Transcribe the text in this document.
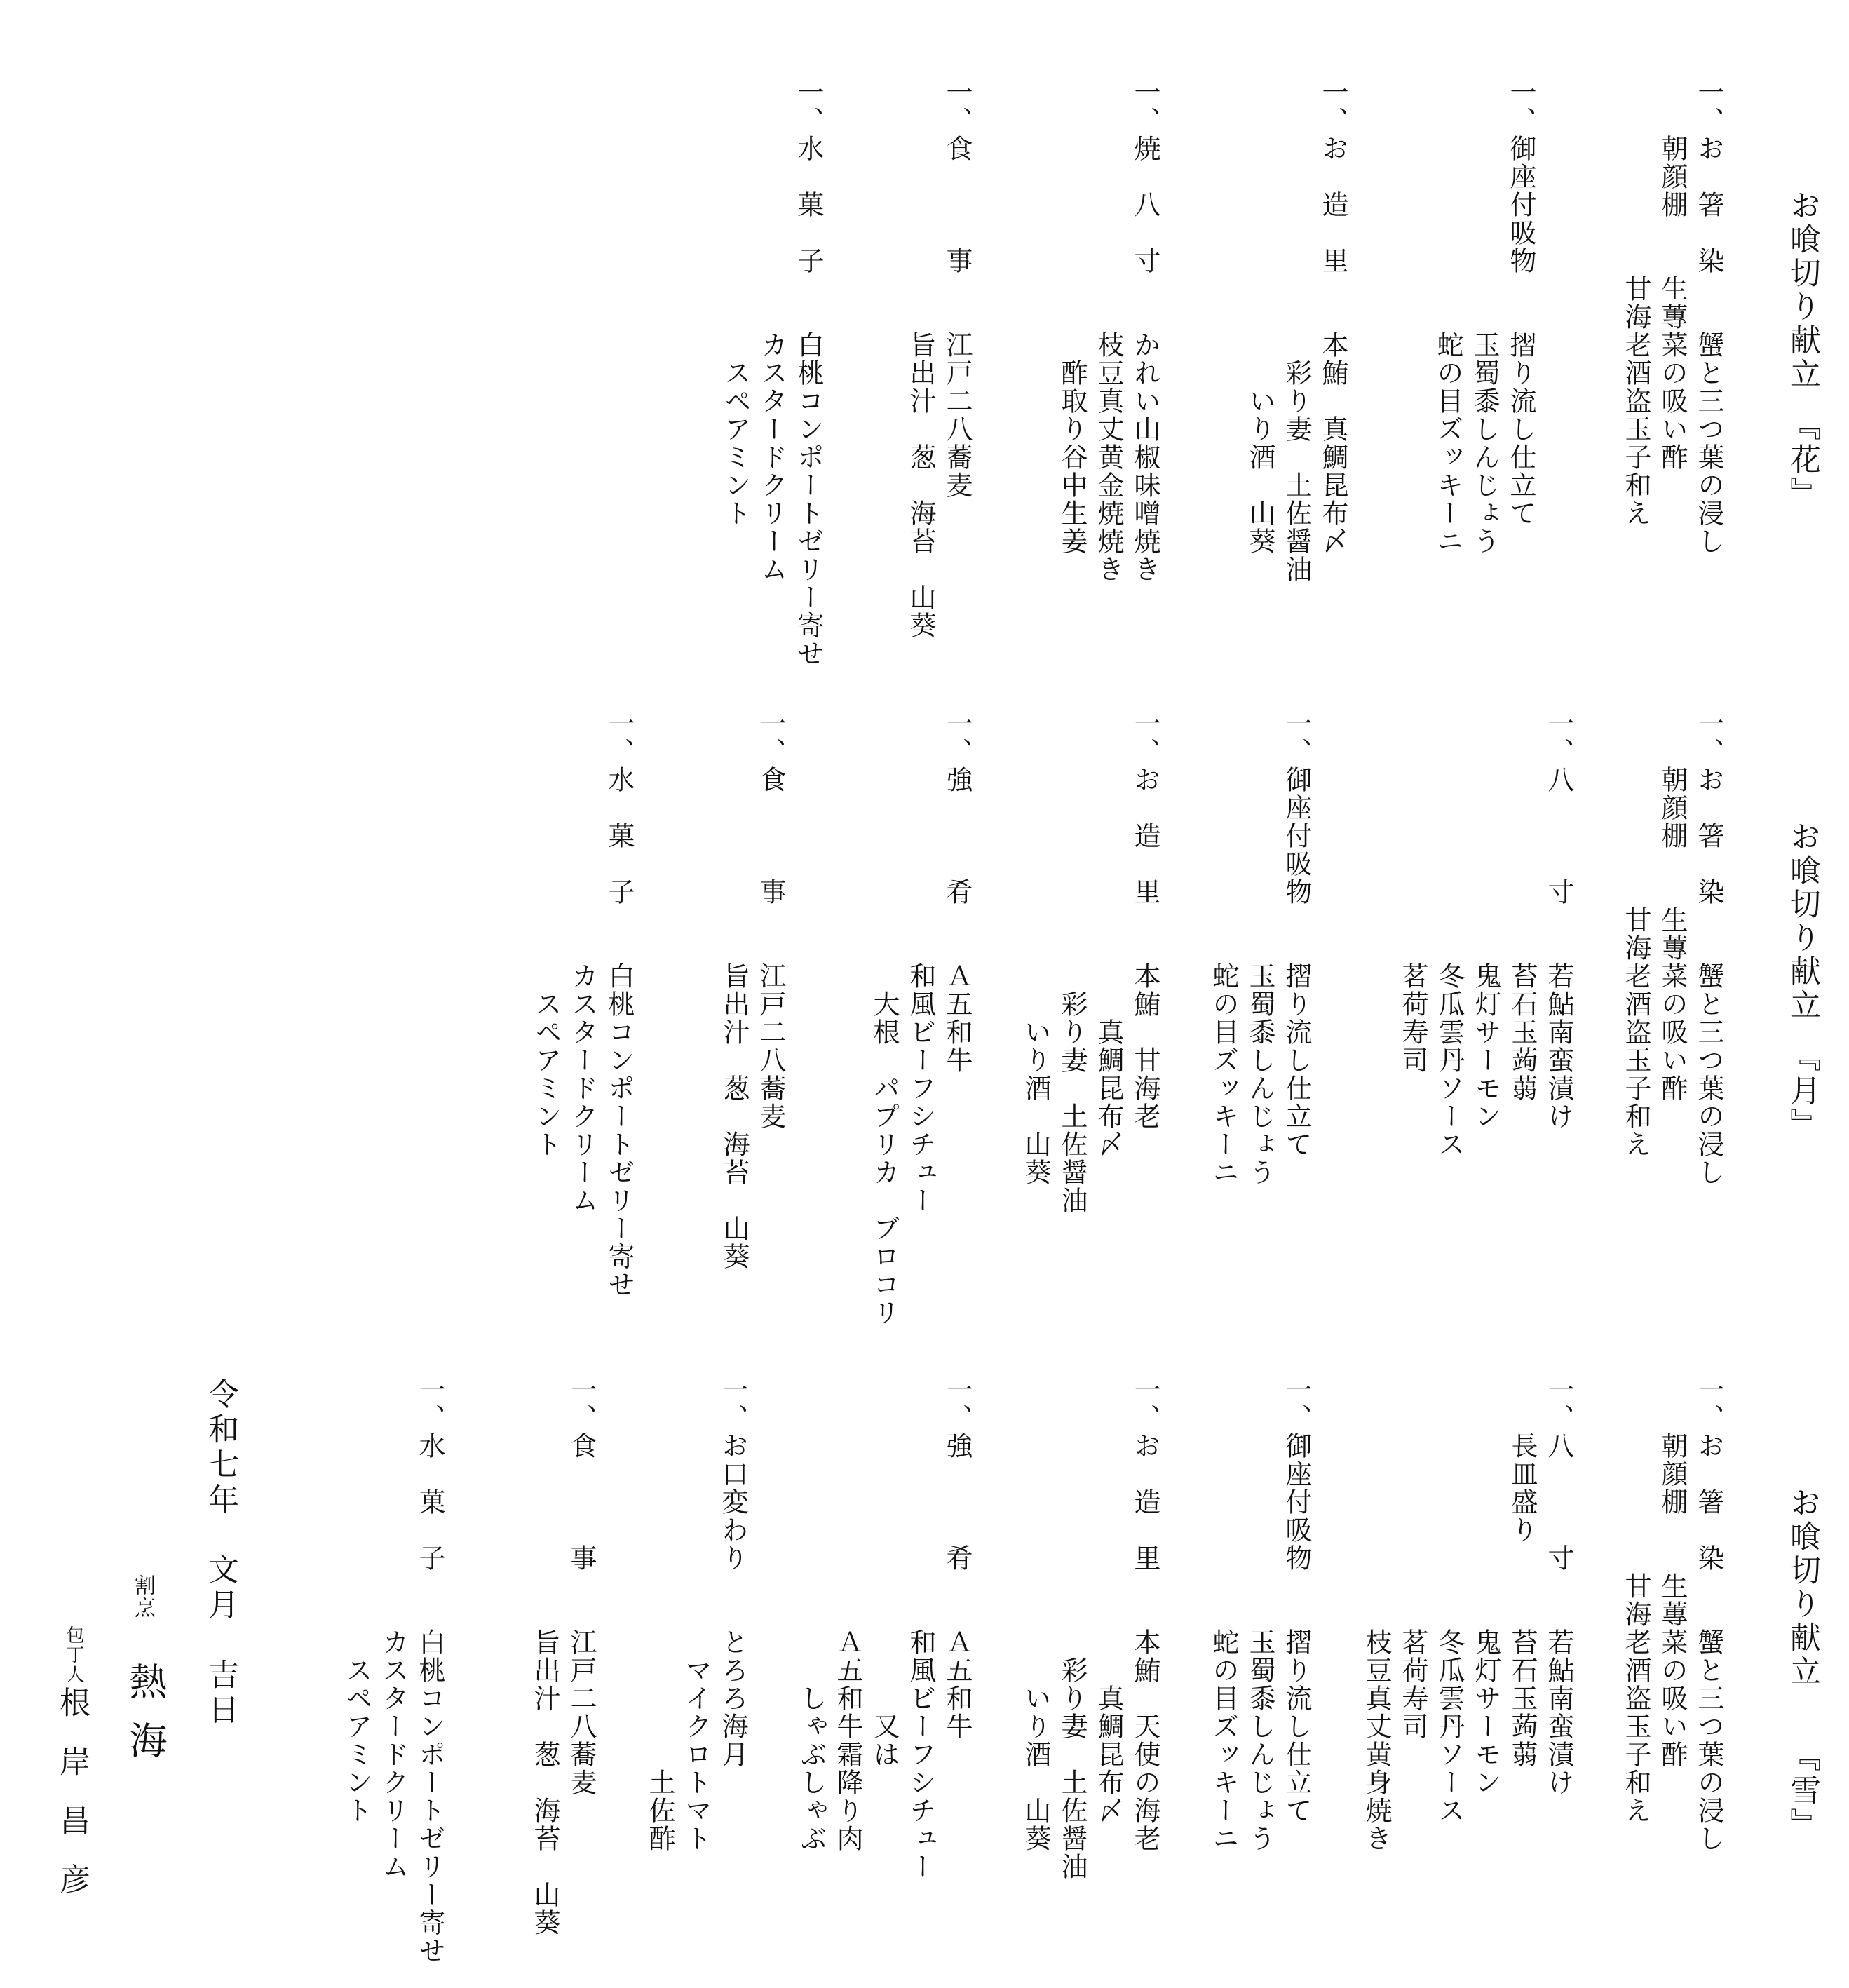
お喰切り献立　『花』
一、お　箸　染　　蟹と三つ葉の浸し
　　朝顔棚　　生蓴菜の吸い酢
　　　　　　　甘海老酒盗玉子和え
一、御座付吸物　　摺り流し仕立て
　　　　　　　　　玉蜀黍しんじょう
　　　　　　　　　蛇の目ズッキーニ
一、お　造　里　　本鮪　真鯛昆布〆
　　　　　　　　　　彩り妻　土佐醤油
　　　　　　　　　　　いり酒　山葵
一、焼　八　寸　　かれい山椒味噌焼き
　　　　　　　　　枝豆真丈黄金焼焼き
　　　　　　　　　　酢取り谷中生姜
一、食　　　事　　江戸二八蕎麦
　　　　　　　　　旨出汁　葱　海苔　山葵
一、水　菓　子　　白桃コンポートゼリー寄せ
　　　　　　　　　カスタードクリーム
　　　　　　　　　　スペアミント
お喰切り献立　『月』
一、お　箸　染　　蟹と三つ葉の浸し
　　朝顔棚　　生蓴菜の吸い酢
　　　　　　　甘海老酒盗玉子和え
一、八　　　寸　　若鮎南蛮漬け
　　　　　　　　　苔石玉蒟蒻
　　　　　　　　　鬼灯サーモン
　　　　　　　　　冬瓜雲丹ソース
　　　　　　　　　茗荷寿司
一、御座付吸物　　摺り流し仕立て
　　　　　　　　　玉蜀黍しんじょう
　　　　　　　　　蛇の目ズッキーニ
一、お　造　里　　本鮪　甘海老
　　　　　　　　　　　真鯛昆布〆
　　　　　　　　　　彩り妻　土佐醤油
　　　　　　　　　　　いり酒　山葵
一、強　　　肴　　Ａ五和牛
　　　　　　　　　和風ビーフシチュー
　　　　　　　　　　大根　パプリカ　ブロコリ
一、食　　　事　　江戸二八蕎麦
　　　　　　　　　旨出汁　葱　海苔　山葵
一、水　菓　子　　白桃コンポートゼリー寄せ
　　　　　　　　　カスタードクリーム
　　　　　　　　　　スペアミント
お喰切り献立　　『雪』
一、お　箸　染　　蟹と三つ葉の浸し
　　朝顔棚　　生蓴菜の吸い酢
　　　　　　　甘海老酒盗玉子和え
一、八　　　寸　　若鮎南蛮漬け
　　長皿盛り　　　苔石玉蒟蒻
　　　　　　　　　鬼灯サーモン
　　　　　　　　　冬瓜雲丹ソース
　　　　　　　　　茗荷寿司
　　　　　　　　　枝豆真丈黄身焼き
一、御座付吸物　　摺り流し仕立て
　　　　　　　　　玉蜀黍しんじょう
　　　　　　　　　蛇の目ズッキーニ
一、お　造　里　　本鮪　天使の海老
　　　　　　　　　　　真鯛昆布〆
　　　　　　　　　　彩り妻　土佐醤油
　　　　　　　　　　　いり酒　山葵
一、強　　　肴　　Ａ五和牛
　　　　　　　　　和風ビーフシチュー
　　　　　　　　　　　　又は
　　　　　　　　　Ａ五和牛霜降り肉
　　　　　　　　　　　しゃぶしゃぶ
一、お口変わり　　とろろ海月
　　　　　　　　　　マイクロトマト
　　　　　　　　　　　　　　土佐酢
一、食　　　事　　江戸二八蕎麦
　　　　　　　　　旨出汁　葱　海苔　山葵
一、水　菓　子　　白桃コンポートゼリー寄せ
　　　　　　　　　カスタードクリーム
　　　　　　　　　　スペアミント
令和七年　文月　吉日
割烹
熱海
包丁人
根岸昌彦
